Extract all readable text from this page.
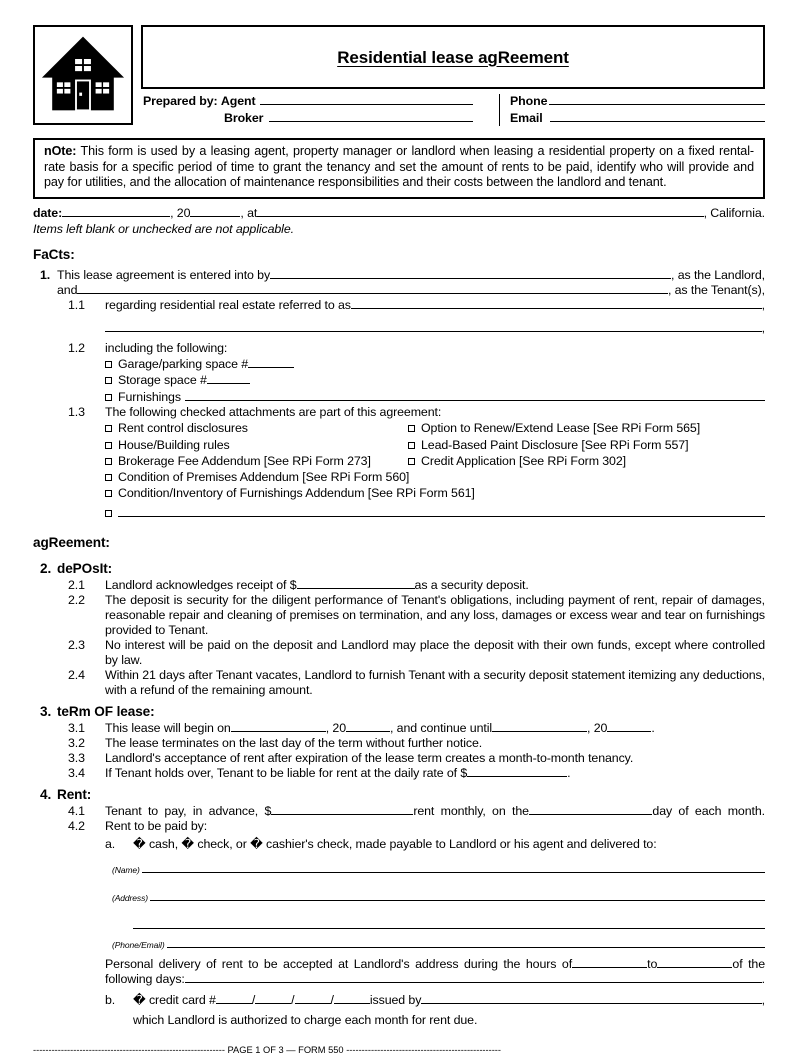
Residential lease agReement
Prepared by:
Agent
Broker
Phone
Email
nOte: This form is used by a leasing agent, property manager or landlord when leasing a residential property on a fixed rental-rate basis for a specific period of time to grant the tenancy and set the amount of rents to be paid, identify who will provide and pay for utilities, and the allocation of maintenance responsibilities and their costs between the landlord and tenant.
date:	, 20	, at	, California.
Items left blank or unchecked are not applicable.
FaCts:
1. This lease agreement is entered into by	, as the Landlord,
and	, as the Tenant(s),
1.1	regarding residential real estate referred to as	,
,
1.2	including the following:
Garage/parking space #
Storage space #
Furnishings
1.3	The following checked attachments are part of this agreement:
Rent control disclosures	Option to Renew/Extend Lease [See RPi Form 565]
House/Building rules	Lead-Based Paint Disclosure [See RPi Form 557]
Brokerage Fee Addendum [See RPi Form 273]	Credit Application [See RPi Form 302]
Condition of Premises Addendum [See RPi Form 560]
Condition/Inventory of Furnishings Addendum [See RPi Form 561]
agReement:
2. dePOsIt:
2.1	Landlord acknowledges receipt of $	as a security deposit.
2.2	The deposit is security for the diligent performance of Tenant's obligations, including payment of rent, repair of damages, reasonable repair and cleaning of premises on termination, and any loss, damages or excess wear and tear on furnishings provided to Tenant.
2.3	No interest will be paid on the deposit and Landlord may place the deposit with their own funds, except where controlled by law.
2.4	Within 21 days after Tenant vacates, Landlord to furnish Tenant with a security deposit statement itemizing any deductions, with a refund of the remaining amount.
3. teRm OF lease:
3.1	This lease will begin on	, 20	, and continue until	, 20	.
3.2	The lease terminates on the last day of the term without further notice.
3.3	Landlord's acceptance of rent after expiration of the lease term creates a month-to-month tenancy.
3.4	If Tenant holds over, Tenant to be liable for rent at the daily rate of $	.
4. Rent:
4.1	Tenant to pay, in advance, $	rent monthly, on the	day of each month.
4.2	Rent to be paid by:
a.	� cash, � check, or � cashier's check, made payable to Landlord or his agent and delivered to:
(Name)
(Address)
(Phone/Email)
Personal delivery of rent to be accepted at Landlord's address during the hours of	to	of the
following days:	.
b.	� credit card #	/	/	/	issued by	,
which Landlord is authorized to charge each month for rent due.
-------------------------------------------------------------- PAGE 1 OF 3 — FORM 550 --------------------------------------------------
